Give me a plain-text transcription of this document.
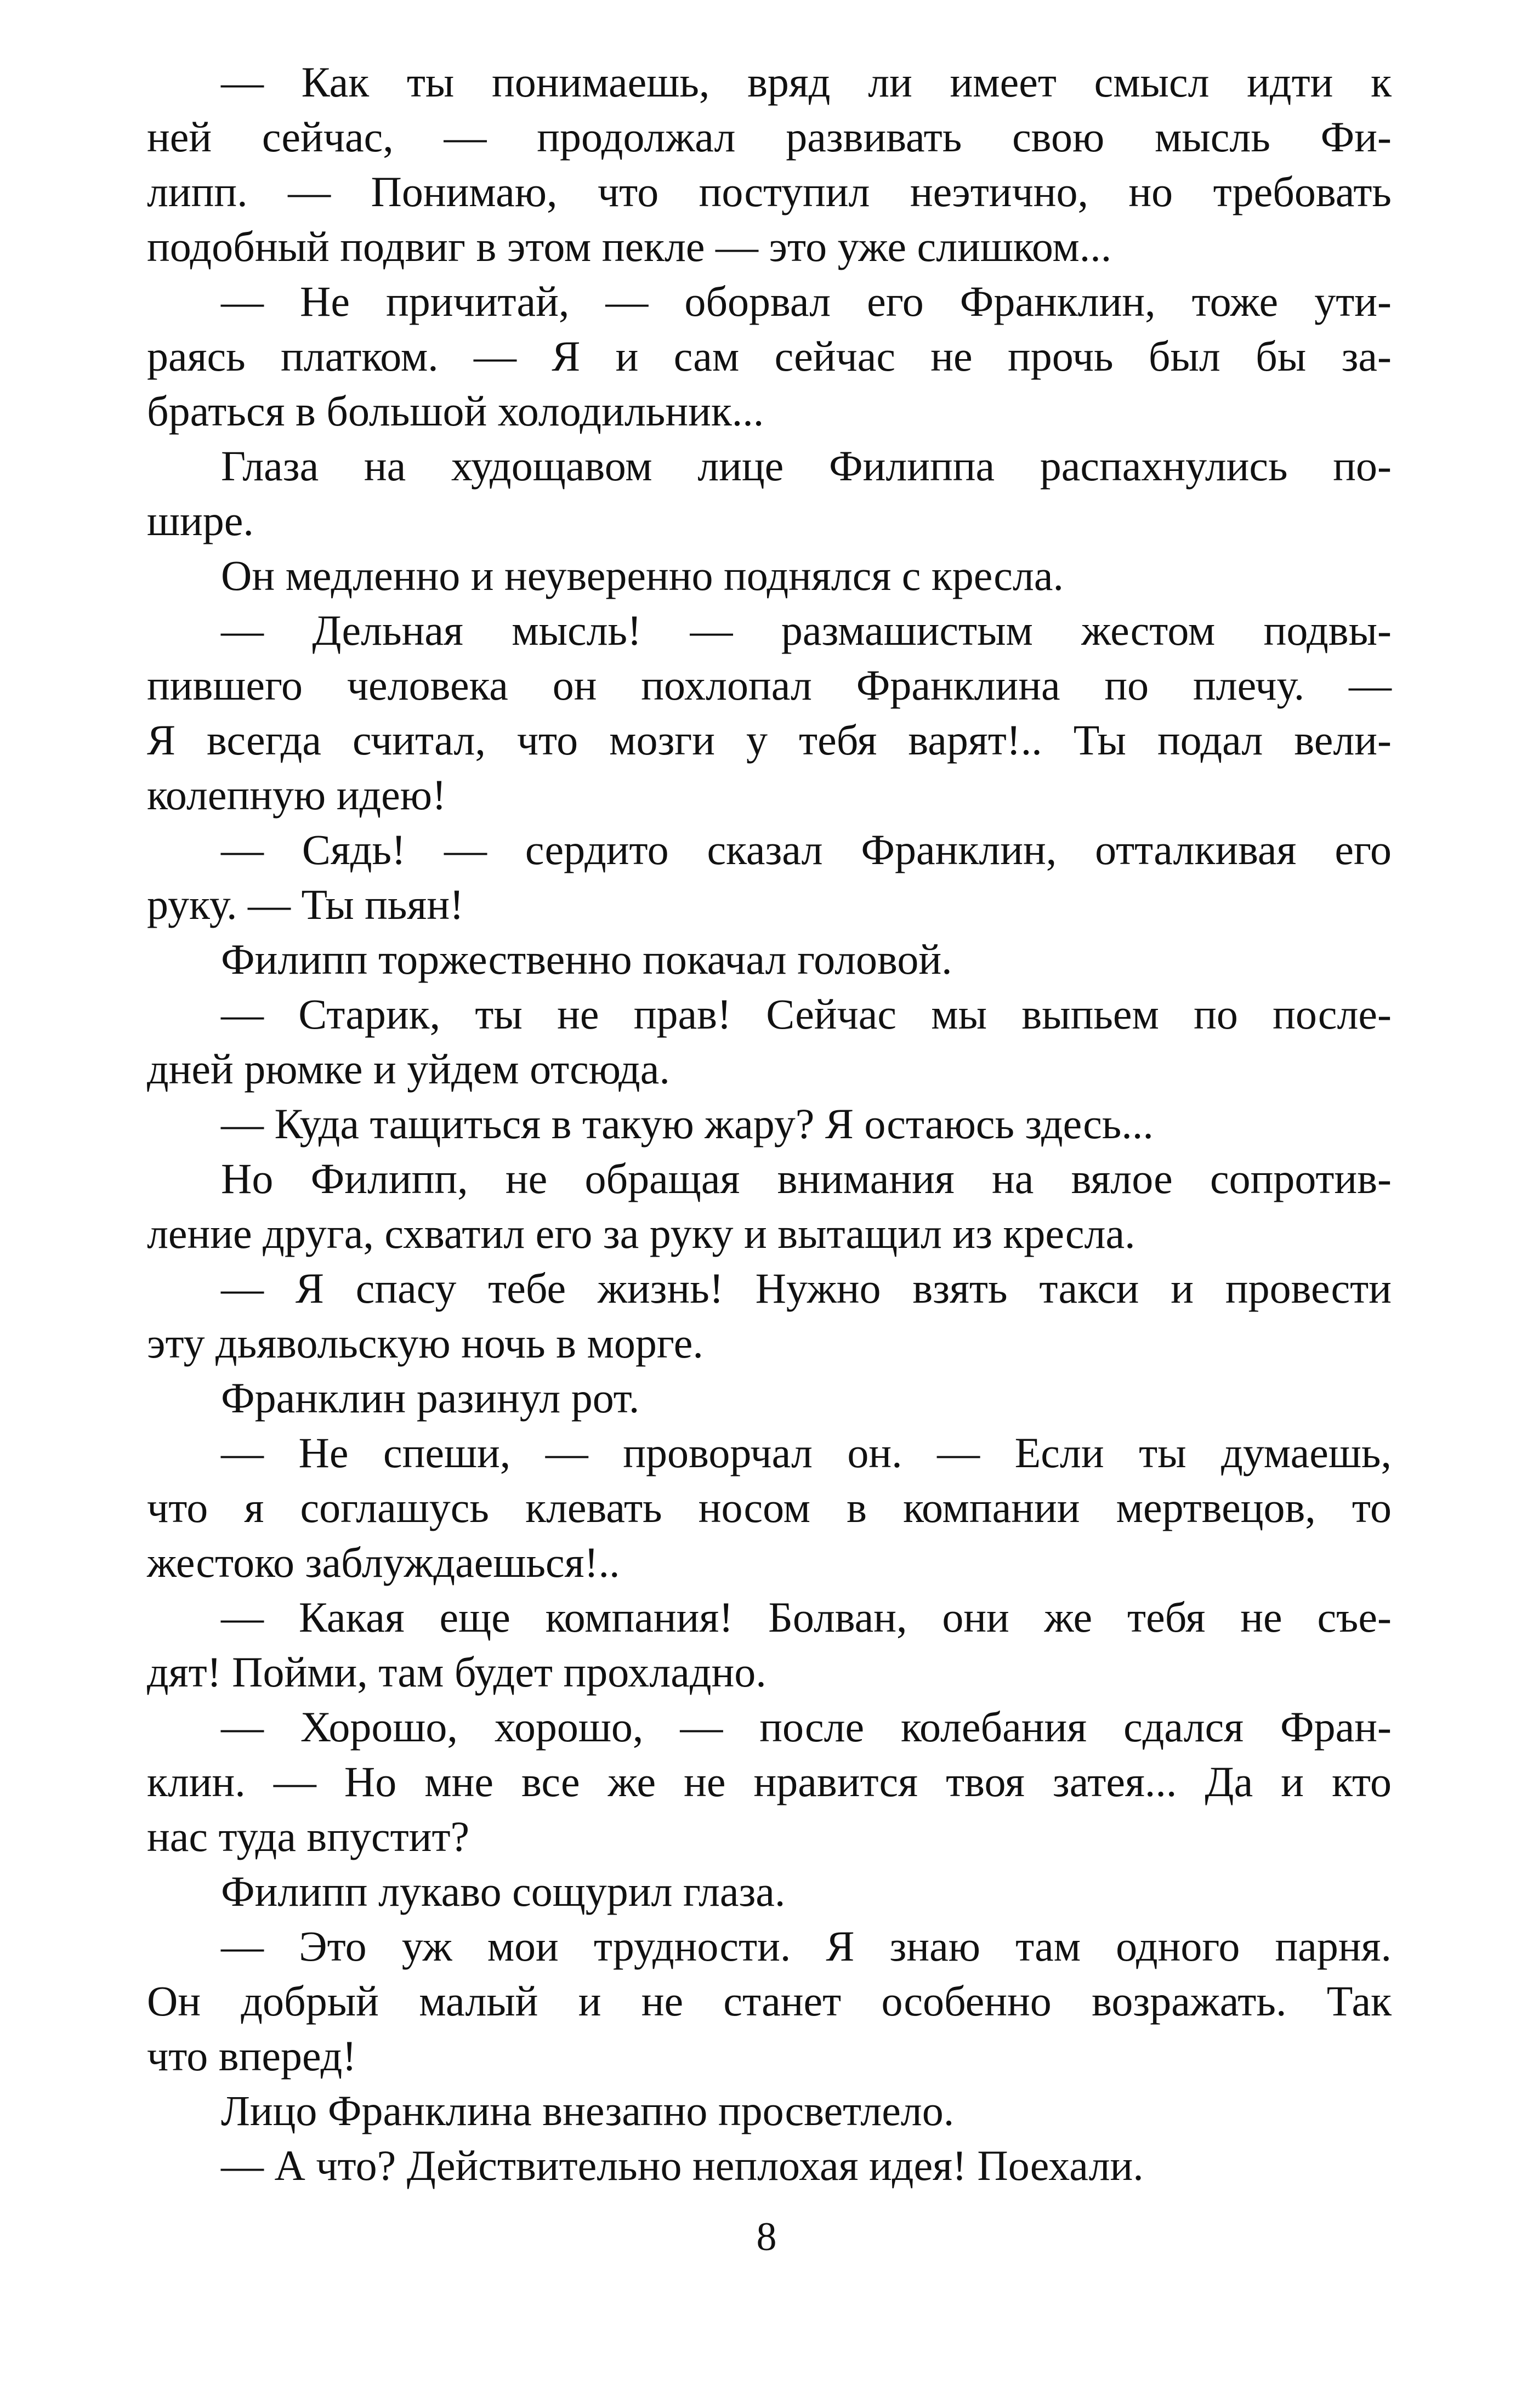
— Как ты понимаешь, вряд ли имеет смысл идти к
ней сейчас, — продолжал развивать свою мысль Фи-
липп. — Понимаю, что поступил неэтично, но требовать
подобный подвиг в этом пекле — это уже слишком...
— Не причитай, — оборвал его Франклин, тоже ути-
раясь платком. — Я и сам сейчас не прочь был бы за-
браться в большой холодильник...
Глаза на худощавом лице Филиппа распахнулись по-
шире.
Он медленно и неуверенно поднялся с кресла.
— Дельная мысль! — размашистым жестом подвы-
пившего человека он похлопал Франклина по плечу. —
Я всегда считал, что мозги у тебя варят!.. Ты подал вели-
колепную идею!
— Сядь! — сердито сказал Франклин, отталкивая его
руку. — Ты пьян!
Филипп торжественно покачал головой.
— Старик, ты не прав! Сейчас мы выпьем по после-
дней рюмке и уйдем отсюда.
— Куда тащиться в такую жару? Я остаюсь здесь...
Но Филипп, не обращая внимания на вялое сопротив-
ление друга, схватил его за руку и вытащил из кресла.
— Я спасу тебе жизнь! Нужно взять такси и провести
эту дьявольскую ночь в морге.
Франклин разинул рот.
— Не спеши, — проворчал он. — Если ты думаешь,
что я соглашусь клевать носом в компании мертвецов, то
жестоко заблуждаешься!..
— Какая еще компания! Болван, они же тебя не съе-
дят! Пойми, там будет прохладно.
— Хорошо, хорошо, — после колебания сдался Фран-
клин. — Но мне все же не нравится твоя затея... Да и кто
нас туда впустит?
Филипп лукаво сощурил глаза.
— Это уж мои трудности. Я знаю там одного парня.
Он добрый малый и не станет особенно возражать. Так
что вперед!
Лицо Франклина внезапно просветлело.
— А что? Действительно неплохая идея! Поехали.
8
